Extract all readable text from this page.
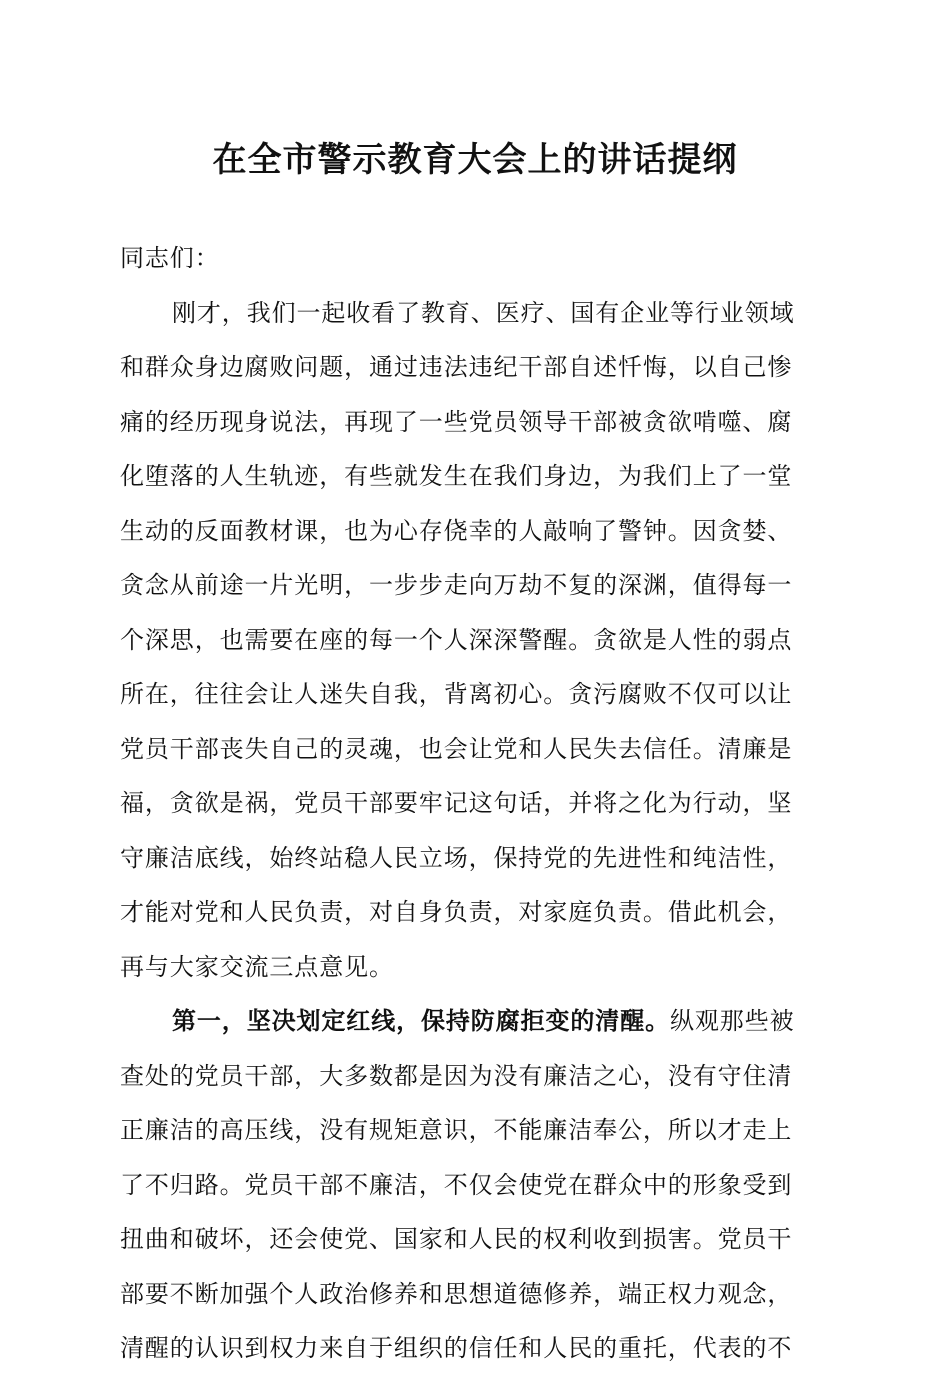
在全市警示教育大会上的讲话提纲
同志们：
刚才，我们一起收看了教育、医疗、国有企业等行业领域
和群众身边腐败问题，通过违法违纪干部自述忏悔，以自己惨
痛的经历现身说法，再现了一些党员领导干部被贪欲啃噬、腐
化堕落的人生轨迹，有些就发生在我们身边，为我们上了一堂
生动的反面教材课，也为心存侥幸的人敲响了警钟。因贪婪、
贪念从前途一片光明，一步步走向万劫不复的深渊，值得每一
个深思，也需要在座的每一个人深深警醒。贪欲是人性的弱点
所在，往往会让人迷失自我，背离初心。贪污腐败不仅可以让
党员干部丧失自己的灵魂，也会让党和人民失去信任。清廉是
福，贪欲是祸，党员干部要牢记这句话，并将之化为行动，坚
守廉洁底线，始终站稳人民立场，保持党的先进性和纯洁性，
才能对党和人民负责，对自身负责，对家庭负责。借此机会，
再与大家交流三点意见。
第一，坚决划定红线，保持防腐拒变的清醒。纵观那些被
查处的党员干部，大多数都是因为没有廉洁之心，没有守住清
正廉洁的高压线，没有规矩意识，不能廉洁奉公，所以才走上
了不归路。党员干部不廉洁，不仅会使党在群众中的形象受到
扭曲和破坏，还会使党、国家和人民的权利收到损害。党员干
部要不断加强个人政治修养和思想道德修养，端正权力观念，
清醒的认识到权力来自于组织的信任和人民的重托，代表的不
